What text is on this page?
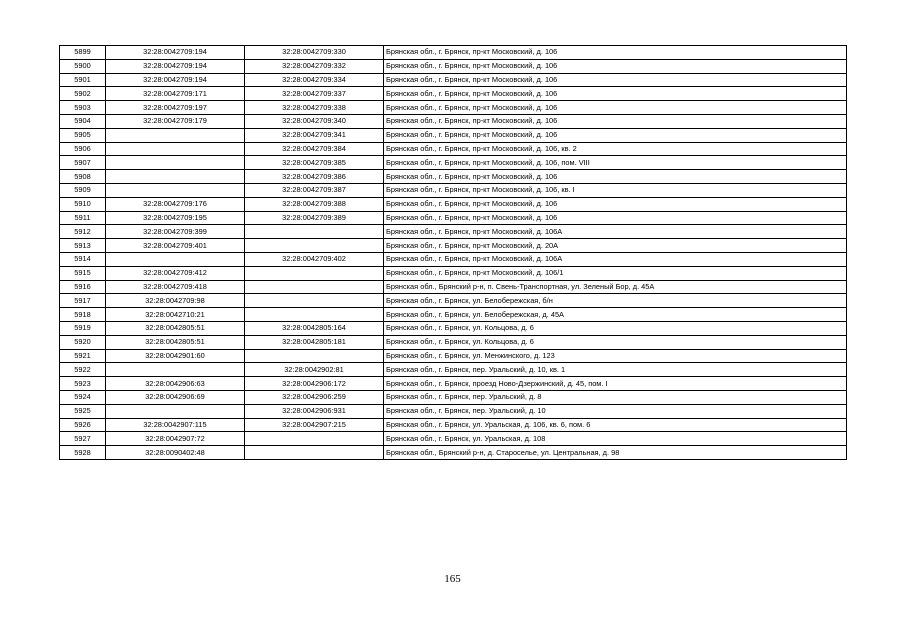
5899	32:28:0042709:194	32:28:0042709:330	Брянская обл., г. Брянск, пр-кт Московский, д. 106
5900	32:28:0042709:194	32:28:0042709:332	Брянская обл., г. Брянск, пр-кт Московский, д. 106
5901	32:28:0042709:194	32:28:0042709:334	Брянская обл., г. Брянск, пр-кт Московский, д. 106
5902	32:28:0042709:171	32:28:0042709:337	Брянская обл., г. Брянск, пр-кт Московский, д. 106
5903	32:28:0042709:197	32:28:0042709:338	Брянская обл., г. Брянск, пр-кт Московский, д. 106
5904	32:28:0042709:179	32:28:0042709:340	Брянская обл., г. Брянск, пр-кт Московский, д. 106
5905		32:28:0042709:341	Брянская обл., г. Брянск, пр-кт Московский, д. 106
5906		32:28:0042709:384	Брянская обл., г. Брянск, пр-кт Московский, д. 106, кв. 2
5907		32:28:0042709:385	Брянская обл., г. Брянск, пр-кт Московский, д. 106, пом. VIII
5908		32:28:0042709:386	Брянская обл., г. Брянск, пр-кт Московский, д. 106
5909		32:28:0042709:387	Брянская обл., г. Брянск, пр-кт Московский, д. 106, кв. I
5910	32:28:0042709:176	32:28:0042709:388	Брянская обл., г. Брянск, пр-кт Московский, д. 106
5911	32:28:0042709:195	32:28:0042709:389	Брянская обл., г. Брянск, пр-кт Московский, д. 106
5912	32:28:0042709:399		Брянская обл., г. Брянск, пр-кт Московский, д. 106А
5913	32:28:0042709:401		Брянская обл., г. Брянск, пр-кт Московский, д. 20А
5914		32:28:0042709:402	Брянская обл., г. Брянск, пр-кт Московский, д. 106А
5915	32:28:0042709:412		Брянская обл., г. Брянск, пр-кт Московский, д. 106/1
5916	32:28:0042709:418		Брянская обл., Брянский р-н, п. Свень-Транспортная, ул. Зеленый Бор, д. 45А
5917	32:28:0042709:98		Брянская обл., г. Брянск, ул. Белобережская, б/н
5918	32:28:0042710:21		Брянская обл., г. Брянск, ул. Белобережская, д. 45А
5919	32:28:0042805:51	32:28:0042805:164	Брянская обл., г. Брянск, ул. Кольцова, д. 6
5920	32:28:0042805:51	32:28:0042805:181	Брянская обл., г. Брянск, ул. Кольцова, д. 6
5921	32:28:0042901:60		Брянская обл., г. Брянск, ул. Менжинского, д. 123
5922		32:28:0042902:81	Брянская обл., г. Брянск, пер. Уральский, д. 10, кв. 1
5923	32:28:0042906:63	32:28:0042906:172	Брянская обл., г. Брянск, проезд Ново-Дзержинский, д. 45, пом. I
5924	32:28:0042906:69	32:28:0042906:259	Брянская обл., г. Брянск, пер. Уральский, д. 8
5925		32:28:0042906:931	Брянская обл., г. Брянск, пер. Уральский, д. 10
5926	32:28:0042907:115	32:28:0042907:215	Брянская обл., г. Брянск, ул. Уральская, д. 106, кв. 6, пом. 6
5927	32:28:0042907:72		Брянская обл., г. Брянск, ул. Уральская, д. 108
5928	32:28:0090402:48		Брянская обл., Брянский р-н, д. Староселье, ул. Центральная, д. 98
165
